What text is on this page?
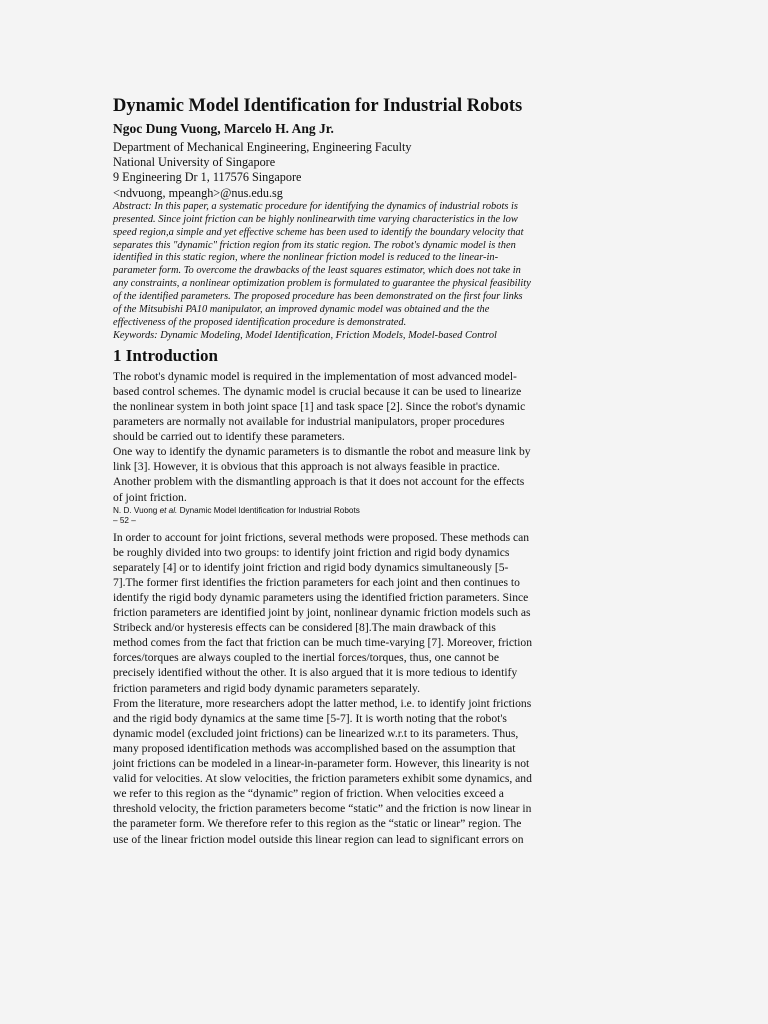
Dynamic Model Identification for Industrial Robots
Ngoc Dung Vuong, Marcelo H. Ang Jr.

Department of Mechanical Engineering, Engineering Faculty

National University of Singapore

9 Engineering Dr 1, 117576 Singapore

<ndvuong, mpeangh>@nus.edu.sg

Abstract: In this paper, a systematic procedure for identifying the dynamics of industrial robots is presented. Since joint friction can be highly nonlinearwith time varying characteristics in the low speed region,a simple and yet effective scheme has been used to identify the boundary velocity that separates this "dynamic" friction region from its static region. The robot's dynamic model is then identified in this static region, where the nonlinear friction model is reduced to the linear-in-parameter form. To overcome the drawbacks of the least squares estimator, which does not take in any constraints, a nonlinear optimization problem is formulated to guarantee the physical feasibility of the identified parameters. The proposed procedure has been demonstrated on the first four links of the Mitsubishi PA10 manipulator, an improved dynamic model was obtained and the the effectiveness of the proposed identification procedure is demonstrated.

Keywords: Dynamic Modeling, Model Identification, Friction Models, Model-based Control

1 Introduction

The robot's dynamic model is required in the implementation of most advanced model-based control schemes. The dynamic model is crucial because it can be used to linearize the nonlinear system in both joint space [1] and task space [2]. Since the robot's dynamic parameters are normally not available for industrial manipulators, proper procedures should be carried out to identify these parameters.

One way to identify the dynamic parameters is to dismantle the robot and measure link by link [3]. However, it is obvious that this approach is not always feasible in practice. Another problem with the dismantling approach is that it does not account for the effects of joint friction.

N. D. Vuong et al. Dynamic Model Identification for Industrial Robots
– 52 –

In order to account for joint frictions, several methods were proposed. These methods can be roughly divided into two groups: to identify joint friction and rigid body dynamics separately [4] or to identify joint friction and rigid body dynamics simultaneously [5-7].The former first identifies the friction parameters for each joint and then continues to identify the rigid body dynamic parameters using the identified friction parameters. Since friction parameters are identified joint by joint, nonlinear dynamic friction models such as Stribeck and/or hysteresis effects can be considered [8].The main drawback of this method comes from the fact that friction can be much time-varying [7]. Moreover, friction forces/torques are always coupled to the inertial forces/torques, thus, one cannot be precisely identified without the other. It is also argued that it is more tedious to identify friction parameters and rigid body dynamic parameters separately.

From the literature, more researchers adopt the latter method, i.e. to identify joint frictions and the rigid body dynamics at the same time [5-7]. It is worth noting that the robot's dynamic model (excluded joint frictions) can be linearized w.r.t to its parameters. Thus, many proposed identification methods was accomplished based on the assumption that joint frictions can be modeled in a linear-in-parameter form. However, this linearity is not valid for velocities. At slow velocities, the friction parameters exhibit some dynamics, and we refer to this region as the “dynamic” region of friction. When velocities exceed a threshold velocity, the friction parameters become “static” and the friction is now linear in the parameter form. We therefore refer to this region as the “static or linear” region. The use of the linear friction model outside this linear region can lead to significant errors on
